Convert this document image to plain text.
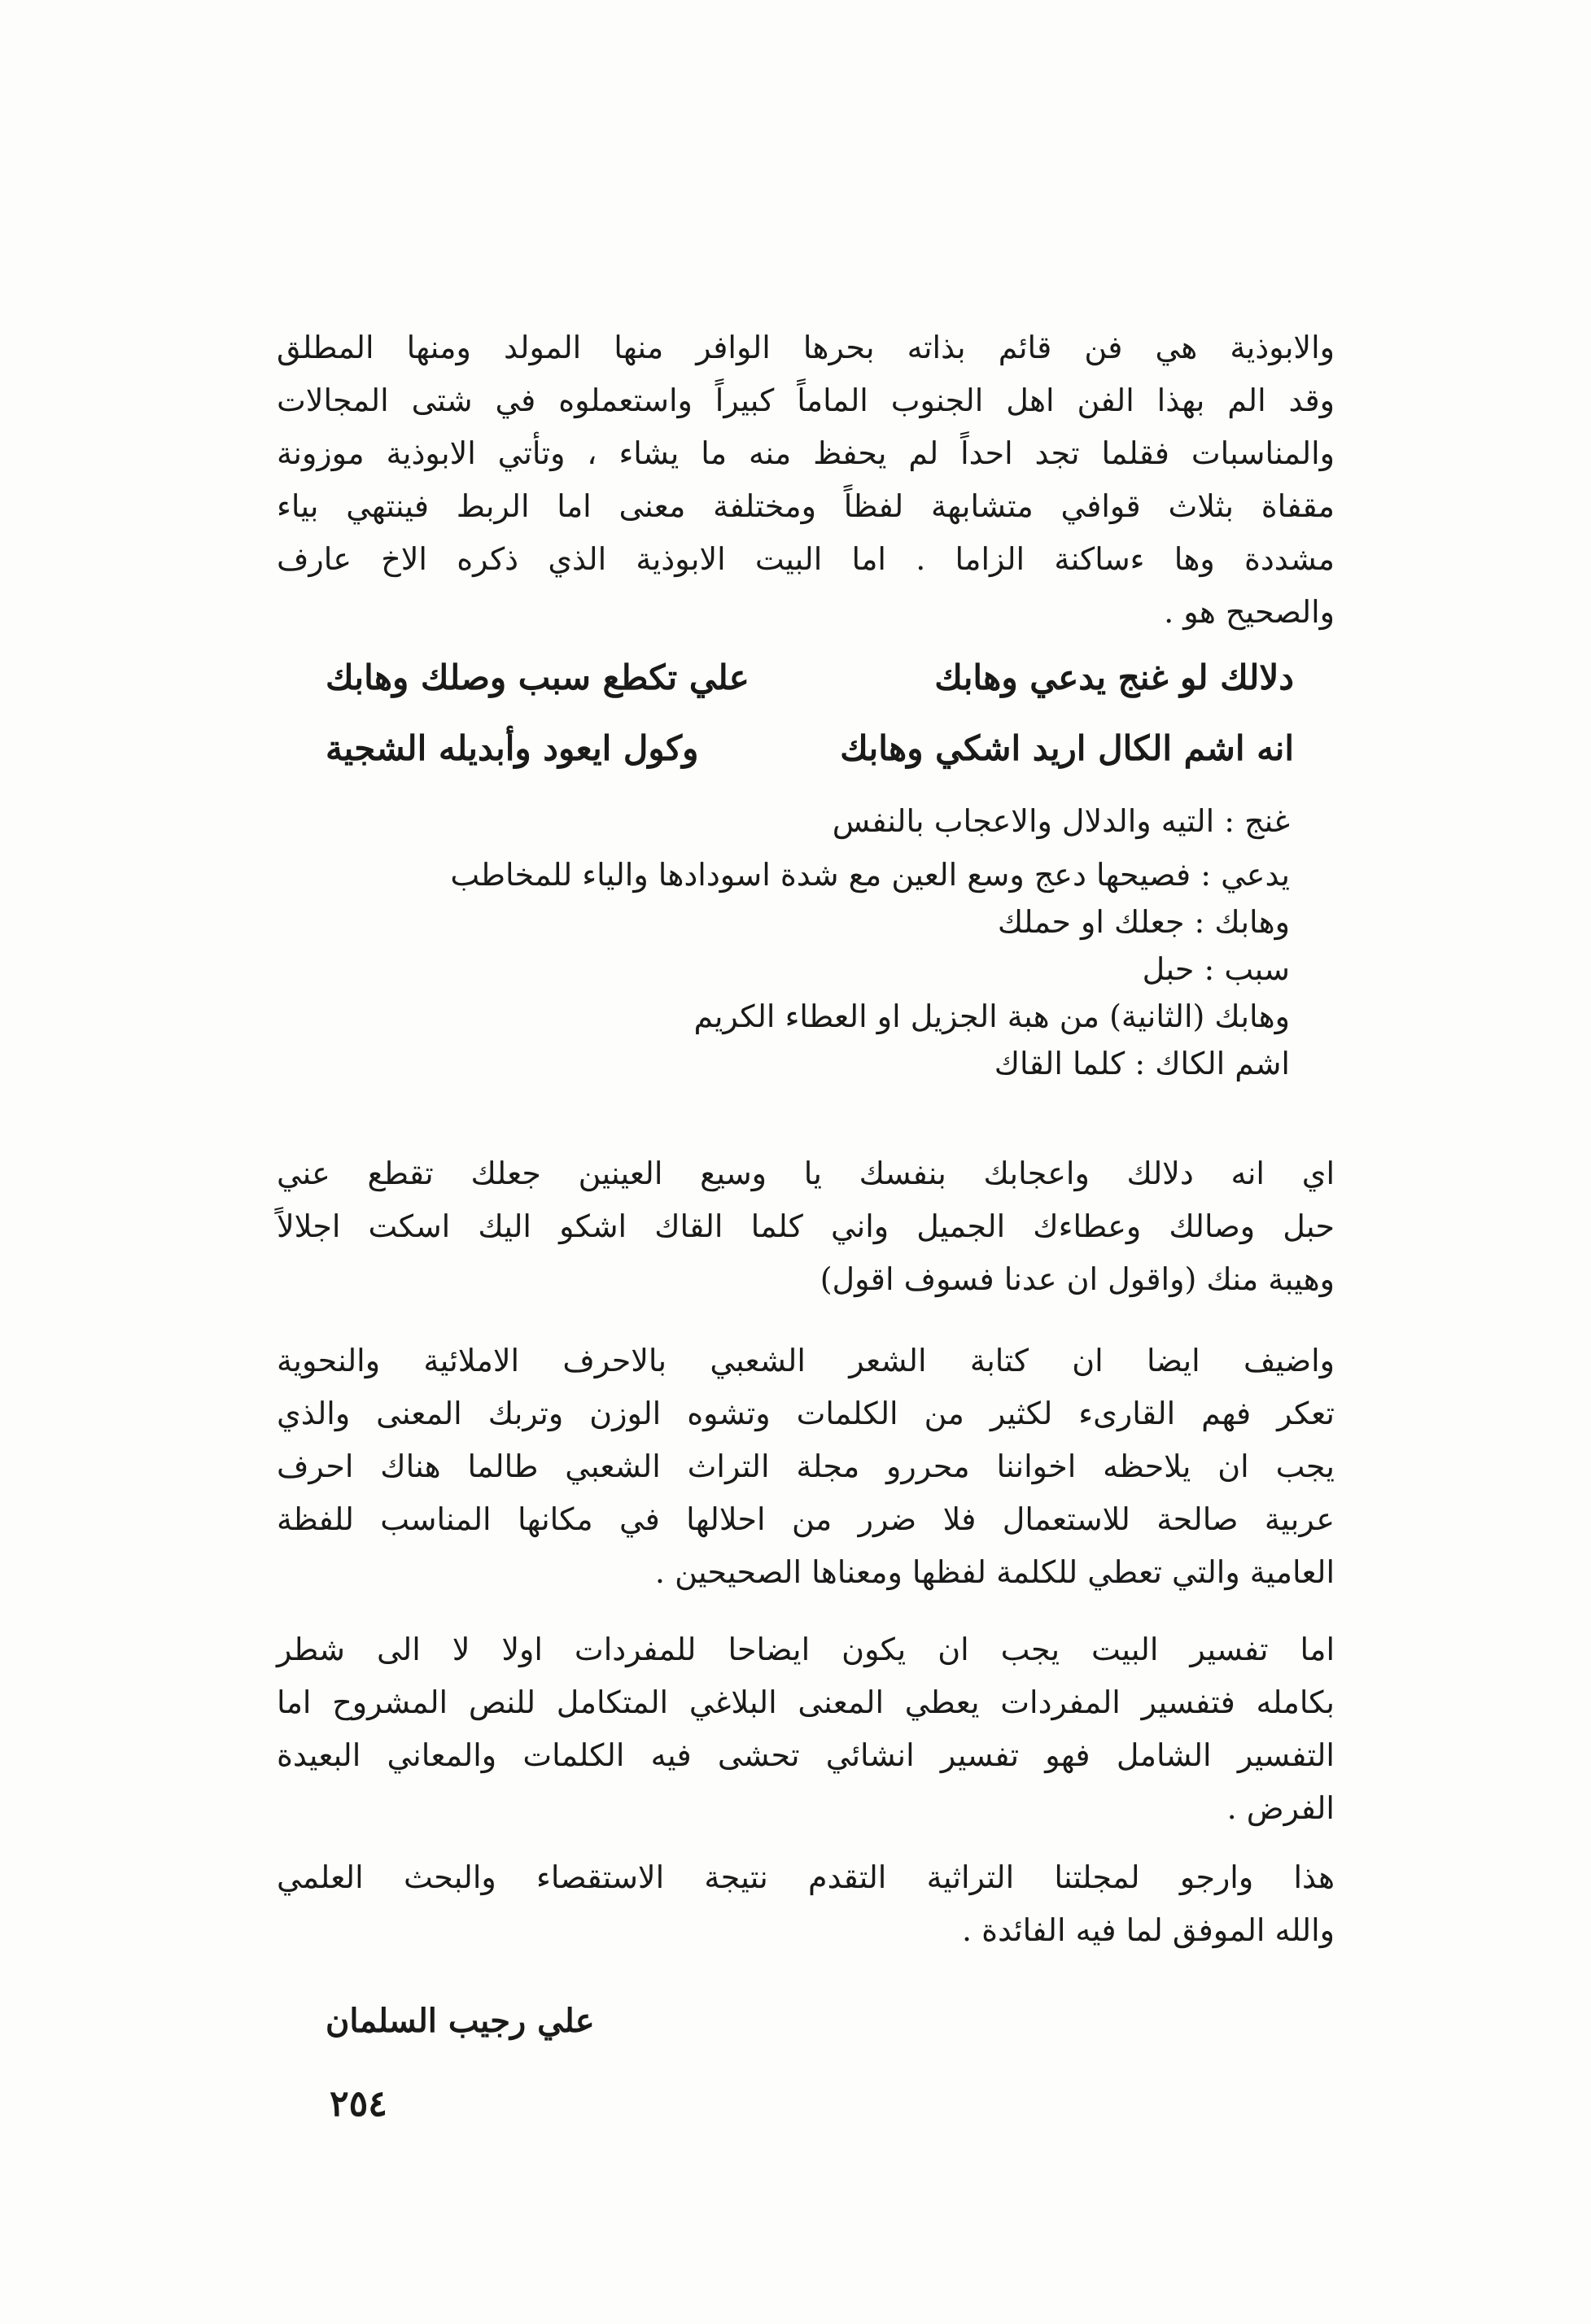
والابوذية هي فن قائم بذاته بحرها الوافر منها المولد ومنها المطلق
وقد الم بهذا الفن اهل الجنوب الماماً كبيراً واستعملوه في شتى المجالات
والمناسبات فقلما تجد احداً لم يحفظ منه ما يشاء ، وتأتي الابوذية موزونة
مقفاة بثلاث قوافي متشابهة لفظاً ومختلفة معنى اما الربط فينتهي بياء
مشددة وها ءساكنة الزاما . اما البيت الابوذية الذي ذكره الاخ عارف
والصحيح هو .

دلالك لو غنج يدعي وهابك
علي تكطع سبب وصلك وهابك
انه اشم الكال اريد اشكي وهابك
وكول ايعود وأبديله الشجية
غنج : التيه والدلال والاعجاب بالنفس
يدعي : فصيحها دعج وسع العين مع شدة اسودادها والياء للمخاطب
وهابك : جعلك او حملك
سبب : حبل
وهابك (الثانية) من هبة الجزيل او العطاء الكريم
اشم الكاك : كلما القاك

اي انه دلالك واعجابك بنفسك يا وسيع العينين جعلك تقطع عني
حبل وصالك وعطاءك الجميل واني كلما القاك اشكو اليك اسكت اجلالاً
وهيبة منك (واقول ان عدنا فسوف اقول)

واضيف ايضا ان كتابة الشعر الشعبي بالاحرف الاملائية والنحوية
تعكر فهم القارىء لكثير من الكلمات وتشوه الوزن وتربك المعنى والذي
يجب ان يلاحظه اخواننا محررو مجلة التراث الشعبي طالما هناك احرف
عربية صالحة للاستعمال فلا ضرر من احلالها في مكانها المناسب للفظة
العامية والتي تعطي للكلمة لفظها ومعناها الصحيحين .

اما تفسير البيت يجب ان يكون ايضاحا للمفردات اولا لا الى شطر
بكامله فتفسير المفردات يعطي المعنى البلاغي المتكامل للنص المشروح اما
التفسير الشامل فهو تفسير انشائي تحشى فيه الكلمات والمعاني البعيدة
الفرض .

هذا وارجو لمجلتنا التراثية التقدم نتيجة الاستقصاء والبحث العلمي
والله الموفق لما فيه الفائدة .

علي رجيب السلمان
٢٥٤
